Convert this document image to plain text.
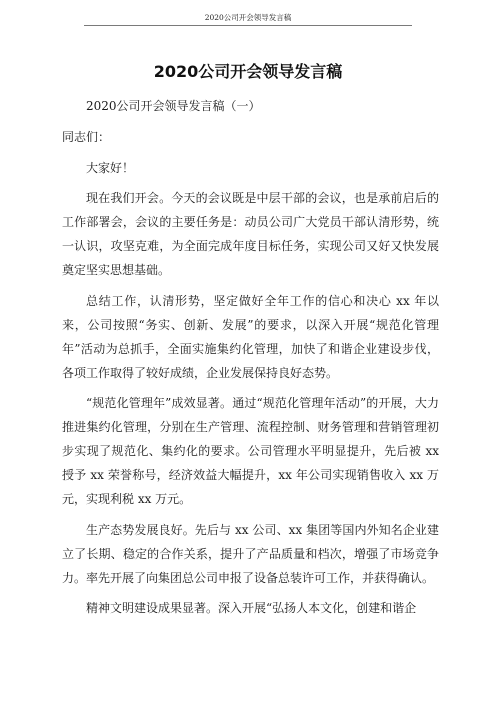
2020公司开会领导发言稿
2020公司开会领导发言稿

2020公司开会领导发言稿（一）

同志们：

大家好！

现在我们开会。今天的会议既是中层干部的会议，也是承前启后的工作部署会，会议的主要任务是：动员公司广大党员干部认清形势，统一认识，攻坚克难，为全面完成年度目标任务，实现公司又好又快发展奠定坚实思想基础。

总结工作，认清形势，坚定做好全年工作的信心和决心 xx 年以来，公司按照“务实、创新、发展”的要求，以深入开展“规范化管理年”活动为总抓手，全面实施集约化管理，加快了和谐企业建设步伐，各项工作取得了较好成绩，企业发展保持良好态势。

“规范化管理年”成效显著。通过“规范化管理年活动”的开展，大力推进集约化管理，分别在生产管理、流程控制、财务管理和营销管理初步实现了规范化、集约化的要求。公司管理水平明显提升，先后被 xx 授予 xx 荣誉称号，经济效益大幅提升，xx 年公司实现销售收入 xx 万元，实现利税 xx 万元。

生产态势发展良好。先后与 xx 公司、xx 集团等国内外知名企业建立了长期、稳定的合作关系，提升了产品质量和档次，增强了市场竞争力。率先开展了向集团总公司申报了设备总装许可工作，并获得确认。

精神文明建设成果显著。深入开展“弘扬人本文化，创建和谐企
